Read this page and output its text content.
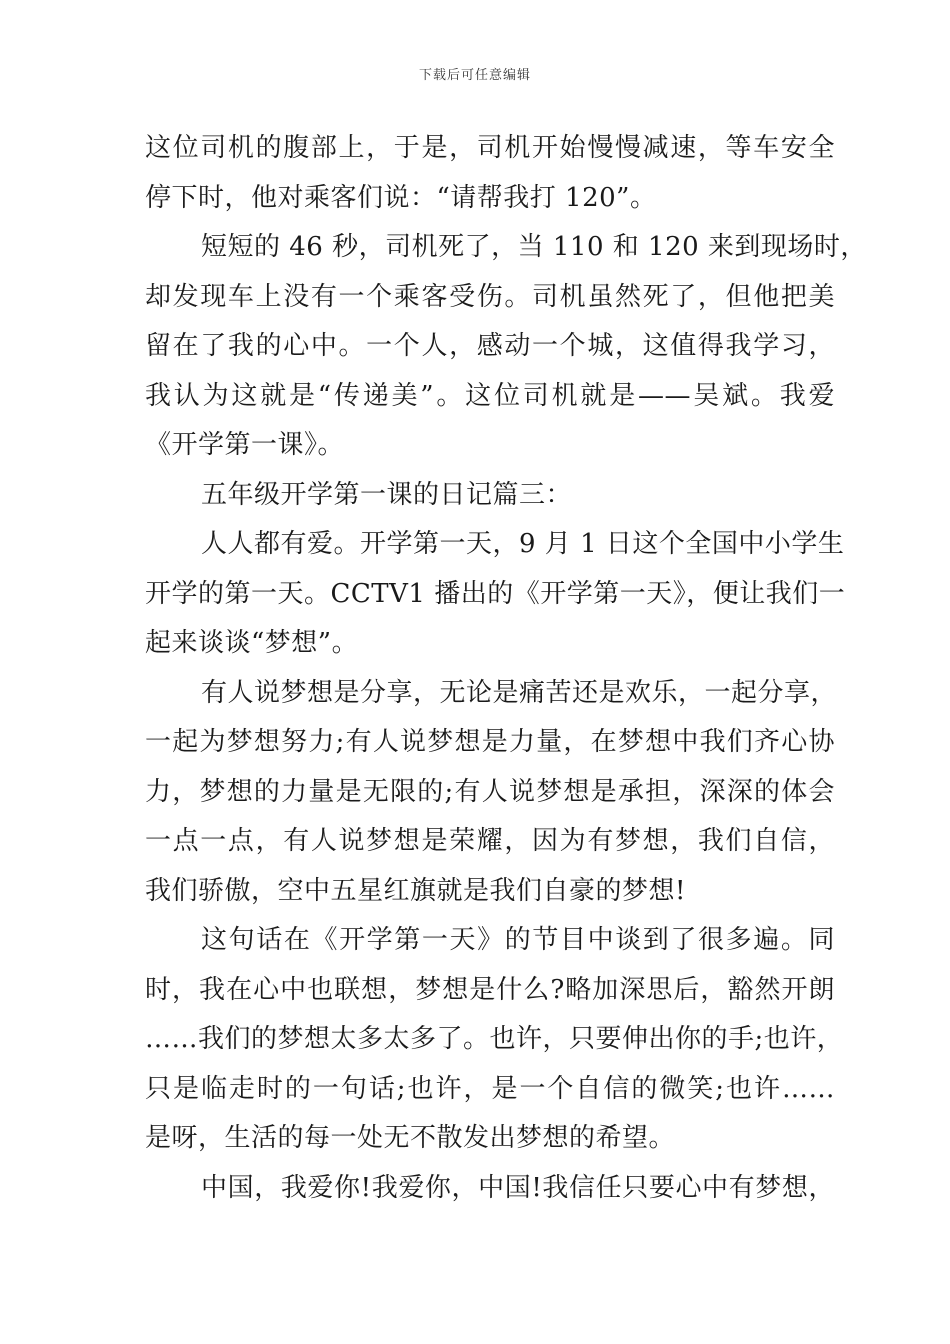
下载后可任意编辑
这位司机的腹部上，于是，司机开始慢慢减速，等车安全
停下时，他对乘客们说：“请帮我打 120”。
短短的 46 秒，司机死了，当 110 和 120 来到现场时，
却发现车上没有一个乘客受伤。司机虽然死了，但他把美
留在了我的心中。一个人，感动一个城，这值得我学习，
我认为这就是“传递美”。这位司机就是——吴斌。我爱
《开学第一课》。
五年级开学第一课的日记篇三：
人人都有爱。开学第一天，9 月 1 日这个全国中小学生
开学的第一天。CCTV1 播出的《开学第一天》，便让我们一
起来谈谈“梦想”。
有人说梦想是分享，无论是痛苦还是欢乐，一起分享，
一起为梦想努力;有人说梦想是力量，在梦想中我们齐心协
力，梦想的力量是无限的;有人说梦想是承担，深深的体会
一点一点，有人说梦想是荣耀，因为有梦想，我们自信，
我们骄傲，空中五星红旗就是我们自豪的梦想!
这句话在《开学第一天》的节目中谈到了很多遍。同
时，我在心中也联想，梦想是什么?略加深思后，豁然开朗
……我们的梦想太多太多了。也许，只要伸出你的手;也许，
只是临走时的一句话;也许，是一个自信的微笑;也许……
是呀，生活的每一处无不散发出梦想的希望。
中国，我爱你!我爱你，中国!我信任只要心中有梦想，
